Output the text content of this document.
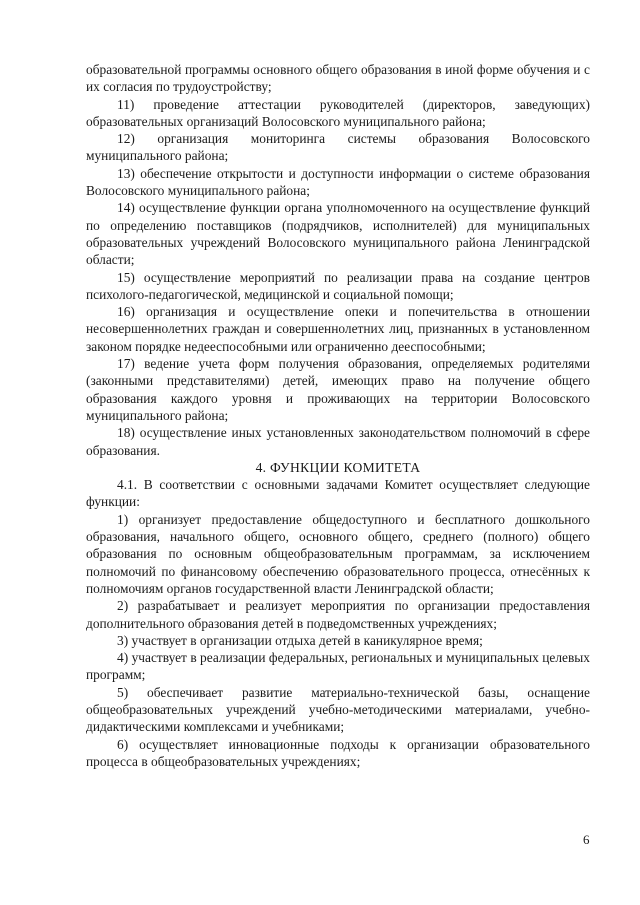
образовательной программы основного общего образования в иной форме обучения и с их согласия по трудоустройству;

11) проведение аттестации руководителей (директоров, заведующих) образовательных организаций Волосовского муниципального района;

12) организация мониторинга системы образования Волосовского муниципального района;

13) обеспечение открытости и доступности информации о системе образования Волосовского муниципального района;

14) осуществление функции органа уполномоченного на осуществление функций по определению поставщиков (подрядчиков, исполнителей) для муниципальных образовательных учреждений Волосовского муниципального района Ленинградской области;

15) осуществление мероприятий по реализации права на создание центров психолого-педагогической, медицинской и социальной помощи;

16) организация и осуществление опеки и попечительства в отношении несовершеннолетних граждан и совершеннолетних лиц, признанных в установленном законом порядке недееспособными или ограниченно дееспособными;

17) ведение учета форм получения образования, определяемых родителями (законными представителями) детей, имеющих право на получение общего образования каждого уровня и проживающих на территории Волосовского муниципального района;

18) осуществление иных установленных законодательством полномочий в сфере образования.

4. ФУНКЦИИ КОМИТЕТА

4.1. В соответствии с основными задачами Комитет осуществляет следующие функции:

1) организует предоставление общедоступного и бесплатного дошкольного образования, начального общего, основного общего, среднего (полного) общего образования по основным общеобразовательным программам, за исключением полномочий по финансовому обеспечению образовательного процесса, отнесённых к полномочиям органов государственной власти Ленинградской области;

2) разрабатывает и реализует мероприятия по организации предоставления дополнительного образования детей в подведомственных учреждениях;

3) участвует в организации отдыха детей в каникулярное время;

4) участвует в реализации федеральных, региональных и муниципальных целевых программ;

5) обеспечивает развитие материально-технической базы, оснащение общеобразовательных учреждений учебно-методическими материалами, учебно-дидактическими комплексами и учебниками;

6) осуществляет инновационные подходы к организации образовательного процесса в общеобразовательных учреждениях;

6
